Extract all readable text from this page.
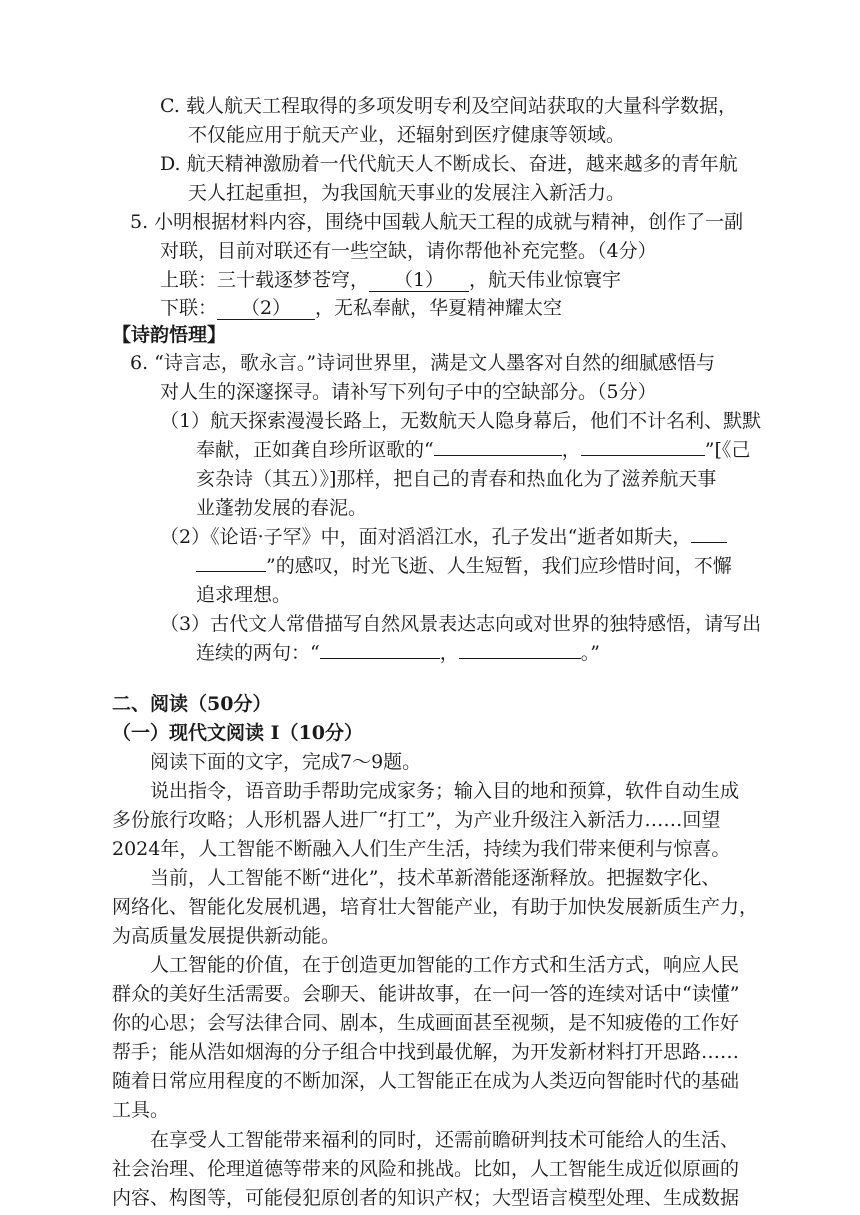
C. 载人航天工程取得的多项发明专利及空间站获取的大量科学数据，
不仅能应用于航天产业，还辐射到医疗健康等领域。
D. 航天精神激励着一代代航天人不断成长、奋进，越来越多的青年航
天人扛起重担，为我国航天事业的发展注入新活力。
5. 小明根据材料内容，围绕中国载人航天工程的成就与精神，创作了一副
对联，目前对联还有一些空缺，请你帮他补充完整。（4分）
上联：三十载逐梦苍穹， （1） ，航天伟业惊寰宇
下联： （2） ，无私奉献，华夏精神耀太空
【诗韵悟理】
6. “诗言志，歌永言。”诗词世界里，满是文人墨客对自然的细腻感悟与
对人生的深邃探寻。请补写下列句子中的空缺部分。（5分）
（1）航天探索漫漫长路上，无数航天人隐身幕后，他们不计名利、默默
奉献，正如龚自珍所讴歌的“	，	”[《己
亥杂诗（其五）》]那样，把自己的青春和热血化为了滋养航天事
业蓬勃发展的春泥。
（2）《论语·子罕》中，面对滔滔江水，孔子发出“逝者如斯夫，
”的感叹，时光飞逝、人生短暂，我们应珍惜时间，不懈
追求理想。
（3）古代文人常借描写自然风景表达志向或对世界的独特感悟，请写出
连续的两句：“	，	。”
二、阅读（50分）
（一）现代文阅读 I（10分）
阅读下面的文字，完成7～9题。
说出指令，语音助手帮助完成家务；输入目的地和预算，软件自动生成
多份旅行攻略；人形机器人进厂“打工”，为产业升级注入新活力……回望
2024年，人工智能不断融入人们生产生活，持续为我们带来便利与惊喜。
当前，人工智能不断“进化”，技术革新潜能逐渐释放。把握数字化、
网络化、智能化发展机遇，培育壮大智能产业，有助于加快发展新质生产力，
为高质量发展提供新动能。
人工智能的价值，在于创造更加智能的工作方式和生活方式，响应人民
群众的美好生活需要。会聊天、能讲故事，在一问一答的连续对话中“读懂”
你的心思；会写法律合同、剧本，生成画面甚至视频，是不知疲倦的工作好
帮手；能从浩如烟海的分子组合中找到最优解，为开发新材料打开思路……
随着日常应用程度的不断加深，人工智能正在成为人类迈向智能时代的基础
工具。
在享受人工智能带来福利的同时，还需前瞻研判技术可能给人的生活、
社会治理、伦理道德等带来的风险和挑战。比如，人工智能生成近似原画的
内容、构图等，可能侵犯原创者的知识产权；大型语言模型处理、生成数据
